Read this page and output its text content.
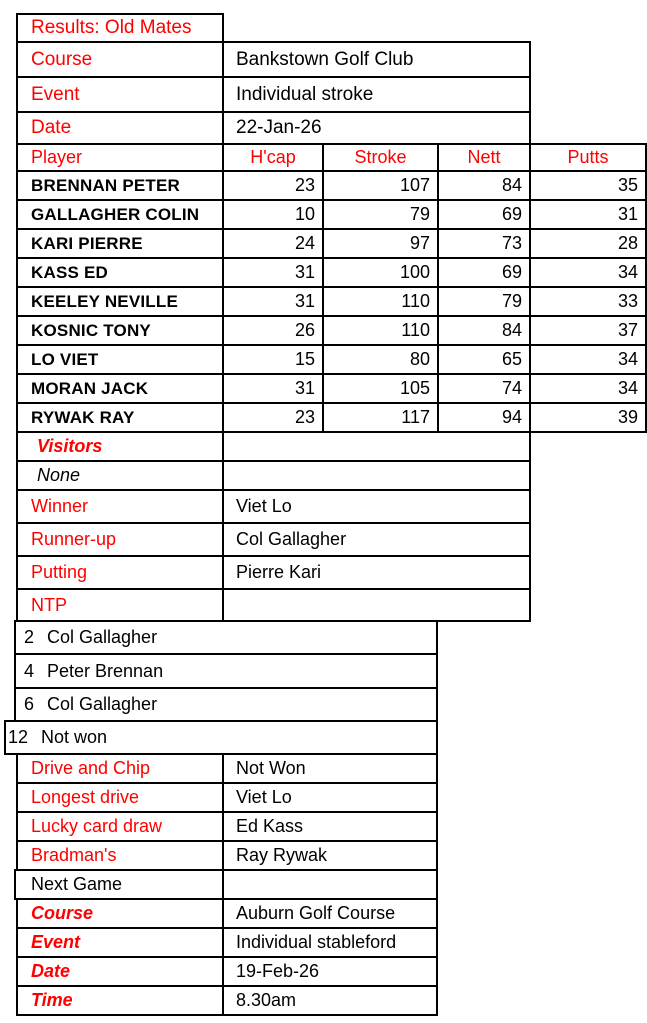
Results: Old Mates
Course	Bankstown Golf Club
Event	Individual stroke
Date	22-Jan-26
Player	H'cap	Stroke	Nett	Putts
BRENNAN PETER	23	107	84	35
GALLAGHER COLIN	10	79	69	31
KARI PIERRE	24	97	73	28
KASS ED	31	100	69	34
KEELEY NEVILLE	31	110	79	33
KOSNIC TONY	26	110	84	37
LO VIET	15	80	65	34
MORAN JACK	31	105	74	34
RYWAK RAY	23	117	94	39
Visitors
None
Winner	Viet Lo
Runner-up	Col Gallagher
Putting	Pierre Kari
NTP
2 Col Gallagher
4 Peter Brennan
6 Col Gallagher
12 Not won
Drive and Chip	Not Won
Longest drive	Viet Lo
Lucky card draw	Ed Kass
Bradman's	Ray Rywak
Next Game
Course	Auburn Golf Course
Event	Individual stableford
Date	19-Feb-26
Time	8.30am
